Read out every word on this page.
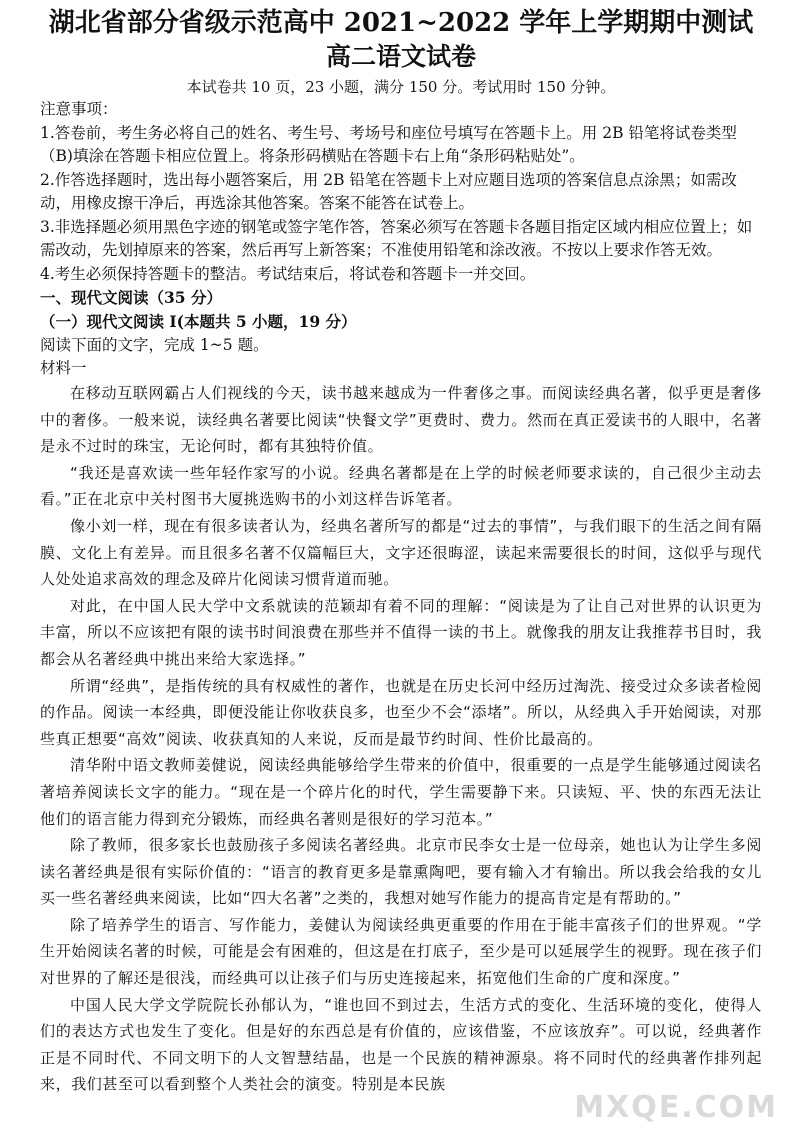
湖北省部分省级示范高中 2021~2022 学年上学期期中测试
高二语文试卷

本试卷共 10 页，23 小题，满分 150 分。考试用时 150 分钟。

注意事项：

1.答卷前，考生务必将自己的姓名、考生号、考场号和座位号填写在答题卡上。用 2B 铅笔将试卷类型（B)填涂在答题卡相应位置上。将条形码横贴在答题卡右上角“条形码粘贴处”。

2.作答选择题时，选出每小题答案后，用 2B 铅笔在答题卡上对应题目选项的答案信息点涂黑；如需改动，用橡皮擦干净后，再选涂其他答案。答案不能答在试卷上。

3.非选择题必须用黑色字迹的钢笔或签字笔作答，答案必须写在答题卡各题目指定区域内相应位置上；如需改动，先划掉原来的答案，然后再写上新答案；不准使用铅笔和涂改液。不按以上要求作答无效。

4.考生必须保持答题卡的整洁。考试结束后，将试卷和答题卡一并交回。

一、现代文阅读（35 分）

（一）现代文阅读 I(本题共 5 小题，19 分）

阅读下面的文字，完成 1~5 题。

材料一

在移动互联网霸占人们视线的今天，读书越来越成为一件奢侈之事。而阅读经典名著，似乎更是奢侈中的奢侈。一般来说，读经典名著要比阅读“快餐文学”更费时、费力。然而在真正爱读书的人眼中，名著是永不过时的珠宝，无论何时，都有其独特价值。

“我还是喜欢读一些年轻作家写的小说。经典名著都是在上学的时候老师要求读的，自己很少主动去看。”正在北京中关村图书大厦挑选购书的小刘这样告诉笔者。

像小刘一样，现在有很多读者认为，经典名著所写的都是“过去的事情”，与我们眼下的生活之间有隔膜、文化上有差异。而且很多名著不仅篇幅巨大，文字还很晦涩，读起来需要很长的时间，这似乎与现代人处处追求高效的理念及碎片化阅读习惯背道而驰。

对此，在中国人民大学中文系就读的范颖却有着不同的理解：“阅读是为了让自己对世界的认识更为丰富，所以不应该把有限的读书时间浪费在那些并不值得一读的书上。就像我的朋友让我推荐书目时，我都会从名著经典中挑出来给大家选择。”

所谓“经典”，是指传统的具有权威性的著作，也就是在历史长河中经历过淘洗、接受过众多读者检阅的作品。阅读一本经典，即便没能让你收获良多，也至少不会“添堵”。所以，从经典入手开始阅读，对那些真正想要“高效”阅读、收获真知的人来说，反而是最节约时间、性价比最高的。

清华附中语文教师姜健说，阅读经典能够给学生带来的价值中，很重要的一点是学生能够通过阅读名著培养阅读长文字的能力。“现在是一个碎片化的时代，学生需要静下来。只读短、平、快的东西无法让他们的语言能力得到充分锻炼，而经典名著则是很好的学习范本。”

除了教师，很多家长也鼓励孩子多阅读名著经典。北京市民李女士是一位母亲，她也认为让学生多阅读名著经典是很有实际价值的：“语言的教育更多是靠熏陶吧，要有输入才有输出。所以我会给我的女儿买一些名著经典来阅读，比如“四大名著”之类的，我想对她写作能力的提高肯定是有帮助的。”

除了培养学生的语言、写作能力，姜健认为阅读经典更重要的作用在于能丰富孩子们的世界观。“学生开始阅读名著的时候，可能是会有困难的，但这是在打底子，至少是可以延展学生的视野。现在孩子们对世界的了解还是很浅，而经典可以让孩子们与历史连接起来，拓宽他们生命的广度和深度。”

中国人民大学文学院院长孙郁认为，“谁也回不到过去，生活方式的变化、生活环境的变化，使得人们的表达方式也发生了变化。但是好的东西总是有价值的，应该借鉴，不应该放弃”。可以说，经典著作正是不同时代、不同文明下的人文智慧结晶，也是一个民族的精神源泉。将不同时代的经典著作排列起来，我们甚至可以看到整个人类社会的演变。特别是本民族

MXQE.COM
